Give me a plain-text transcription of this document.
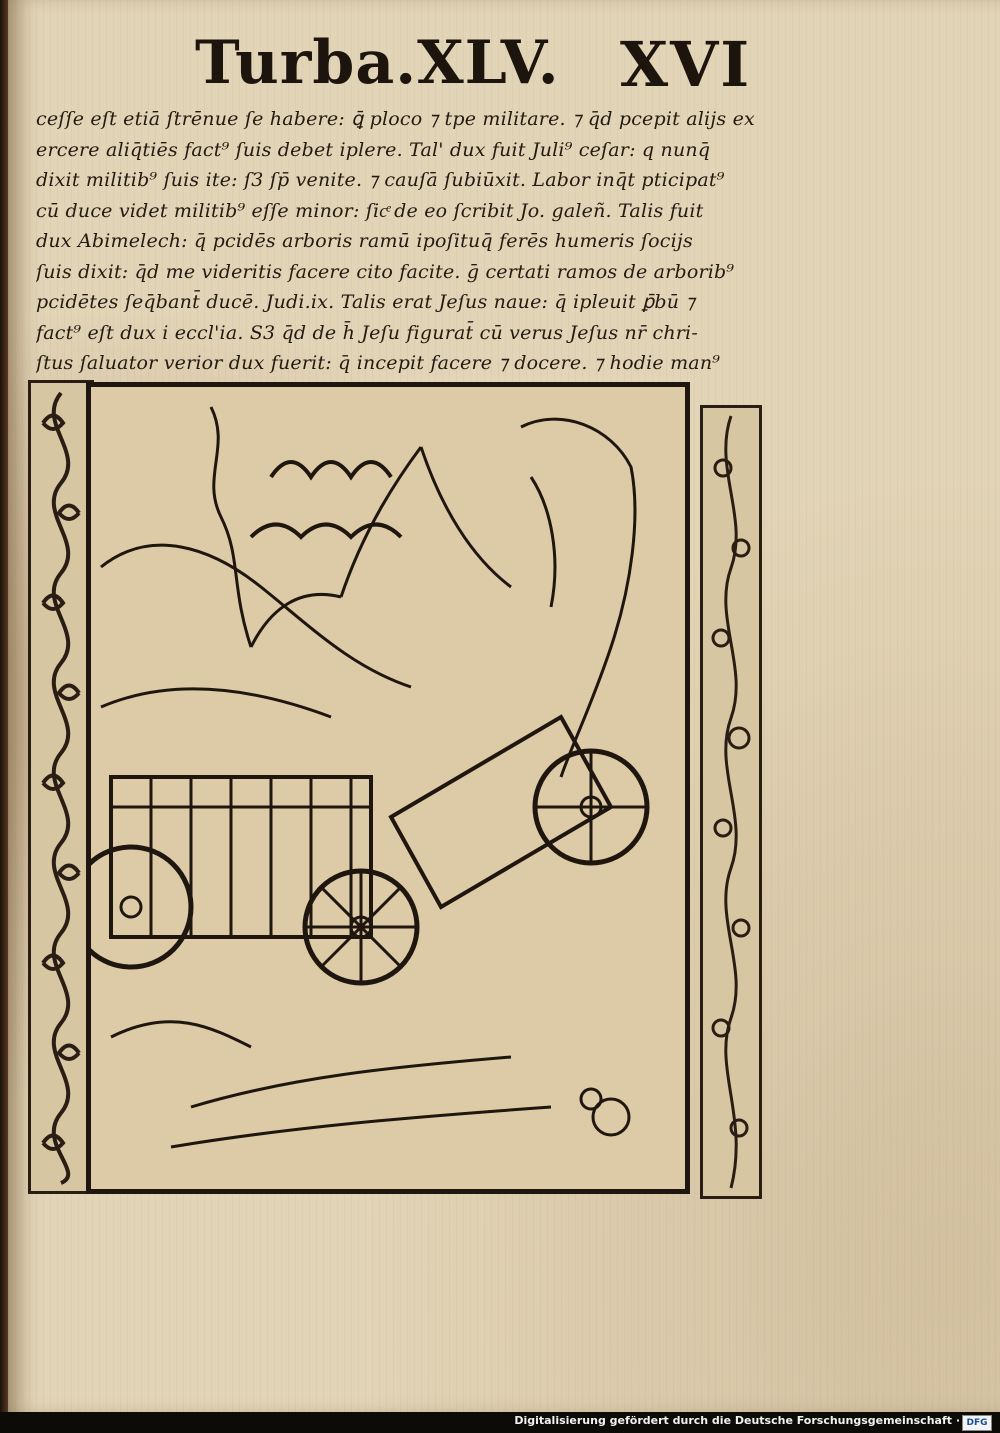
Turba.XLV. XVI
ceſſe eſt etiā ſtrēnue ſe habere: ꝗ̄ ploco ⁊ tpe militare. ⁊ q̄d pcepit alijs ex
ercere aliq̄tiēs fact⁹ ſuis debet iplere. Tal' dux fuit Juli⁹ ceſar: q nunq̄
dixit militib⁹ ſuis ite: ſ3 ſp̄ venite. ⁊ cauſā ſubiūxit. Labor inq̄t pticipat⁹
cū duce videt militib⁹ eſſe minor: ſicͤ de eo ſcribit Jo. galeñ. Talis fuit
dux Abimelech: q̄ pcidēs arboris ramū ipoſituq̄ ferēs humeris ſocijs
ſuis dixit: q̄d me videritis facere cito facite. ḡ certati ramos de arborib⁹
pcidētes ſeq̄bant̄ ducē. Judi.ix. Talis erat Jeſus naue: q̄ ipleuit ꝑ̄bū ⁊
fact⁹ eſt dux i eccl'ia. S3 q̄d de h̄ Jeſu figurat̄ cū verus Jeſus nr̄ chri-
ſtus ſaluator verior dux fuerit: q̄ incepit facere ⁊ docere. ⁊ hodie man⁹
Digitalisierung gefördert durch die Deutsche Forschungsgemeinschaft · DFG
